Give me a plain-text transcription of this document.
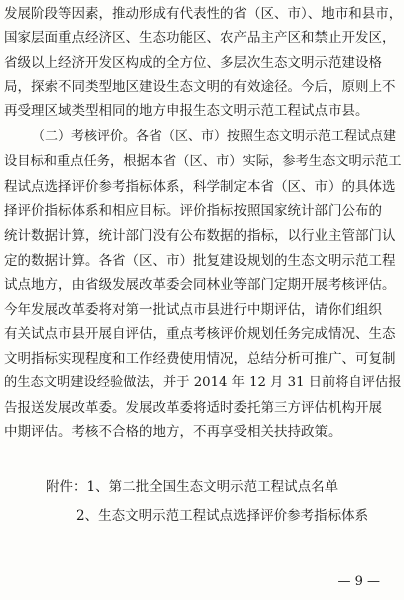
发展阶段等因素，推动形成有代表性的省（区、市）、地市和县市，
国家层面重点经济区、生态功能区、农产品主产区和禁止开发区，
省级以上经济开发区构成的全方位、多层次生态文明示范建设格
局，探索不同类型地区建设生态文明的有效途径。今后，原则上不
再受理区域类型相同的地方申报生态文明示范工程试点市县。
（二）考核评价。各省（区、市）按照生态文明示范工程试点建
设目标和重点任务，根据本省（区、市）实际，参考生态文明示范工
程试点选择评价参考指标体系，科学制定本省（区、市）的具体选
择评价指标体系和相应目标。评价指标按照国家统计部门公布的
统计数据计算，统计部门没有公布数据的指标，以行业主管部门认
定的数据计算。各省（区、市）批复建设规划的生态文明示范工程
试点地方，由省级发展改革委会同林业等部门定期开展考核评估。
今年发展改革委将对第一批试点市县进行中期评估，请你们组织
有关试点市县开展自评估，重点考核评价规划任务完成情况、生态
文明指标实现程度和工作经费使用情况，总结分析可推广、可复制
的生态文明建设经验做法，并于 2014 年 12 月 31 日前将自评估报
告报送发展改革委。发展改革委将适时委托第三方评估机构开展
中期评估。考核不合格的地方，不再享受相关扶持政策。
附件：1、第二批全国生态文明示范工程试点名单
2、生态文明示范工程试点选择评价参考指标体系
— 9 —
